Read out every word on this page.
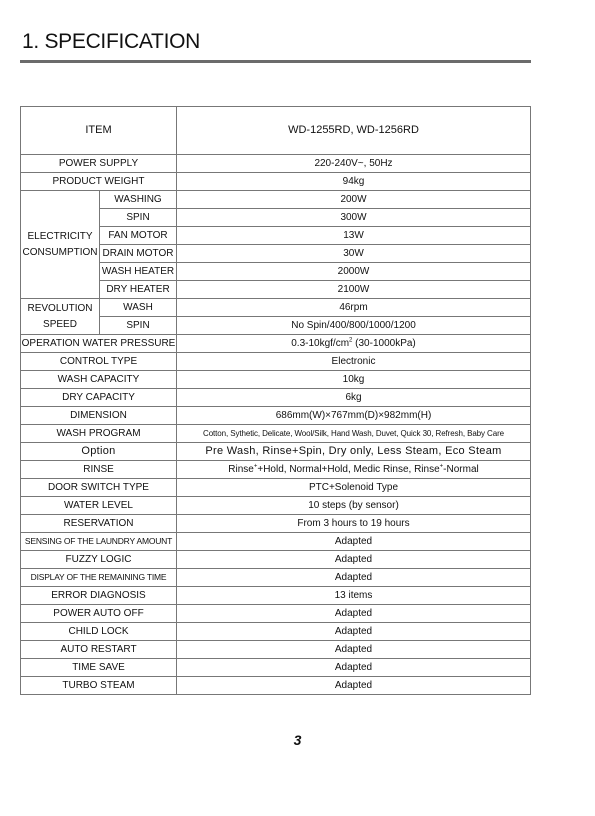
1. SPECIFICATION
ITEM		WD-1255RD, WD-1256RD
POWER SUPPLY		220-240V~, 50Hz
PRODUCT WEIGHT		94kg
ELECTRICITY
CONSUMPTION	WASHING	200W
	SPIN	300W
	FAN MOTOR	13W
	DRAIN MOTOR	30W
	WASH HEATER	2000W
	DRY HEATER	2100W
REVOLUTION
SPEED	WASH	46rpm
	SPIN	No Spin/400/800/1000/1200
OPERATION WATER PRESSURE		$0.3-10kgf/cm^2$ (30-1000kPa)
CONTROL TYPE		Electronic
WASH CAPACITY		10kg
DRY CAPACITY		6kg
DIMENSION		686mm(W)×767mm(D)×982mm(H)
WASH PROGRAM		Cotton, Sythetic, Delicate, Wool/Silk, Hand Wash, Duvet, Quick 30, Refresh, Baby Care
Option		Pre Wash, Rinse+Spin, Dry only, Less Steam, Eco Steam
RINSE		Rinse++Hold, Normal+Hold, Medic Rinse, Rinse+-Normal
DOOR SWITCH TYPE		PTC+Solenoid Type
WATER LEVEL		10 steps (by sensor)
RESERVATION		From 3 hours to 19 hours
SENSING OF THE LAUNDRY AMOUNT		Adapted
FUZZY LOGIC		Adapted
DISPLAY OF THE REMAINING TIME		Adapted
ERROR DIAGNOSIS		13 items
POWER AUTO OFF		Adapted
CHILD LOCK		Adapted
AUTO RESTART		Adapted
TIME SAVE		Adapted
TURBO STEAM		Adapted
3
